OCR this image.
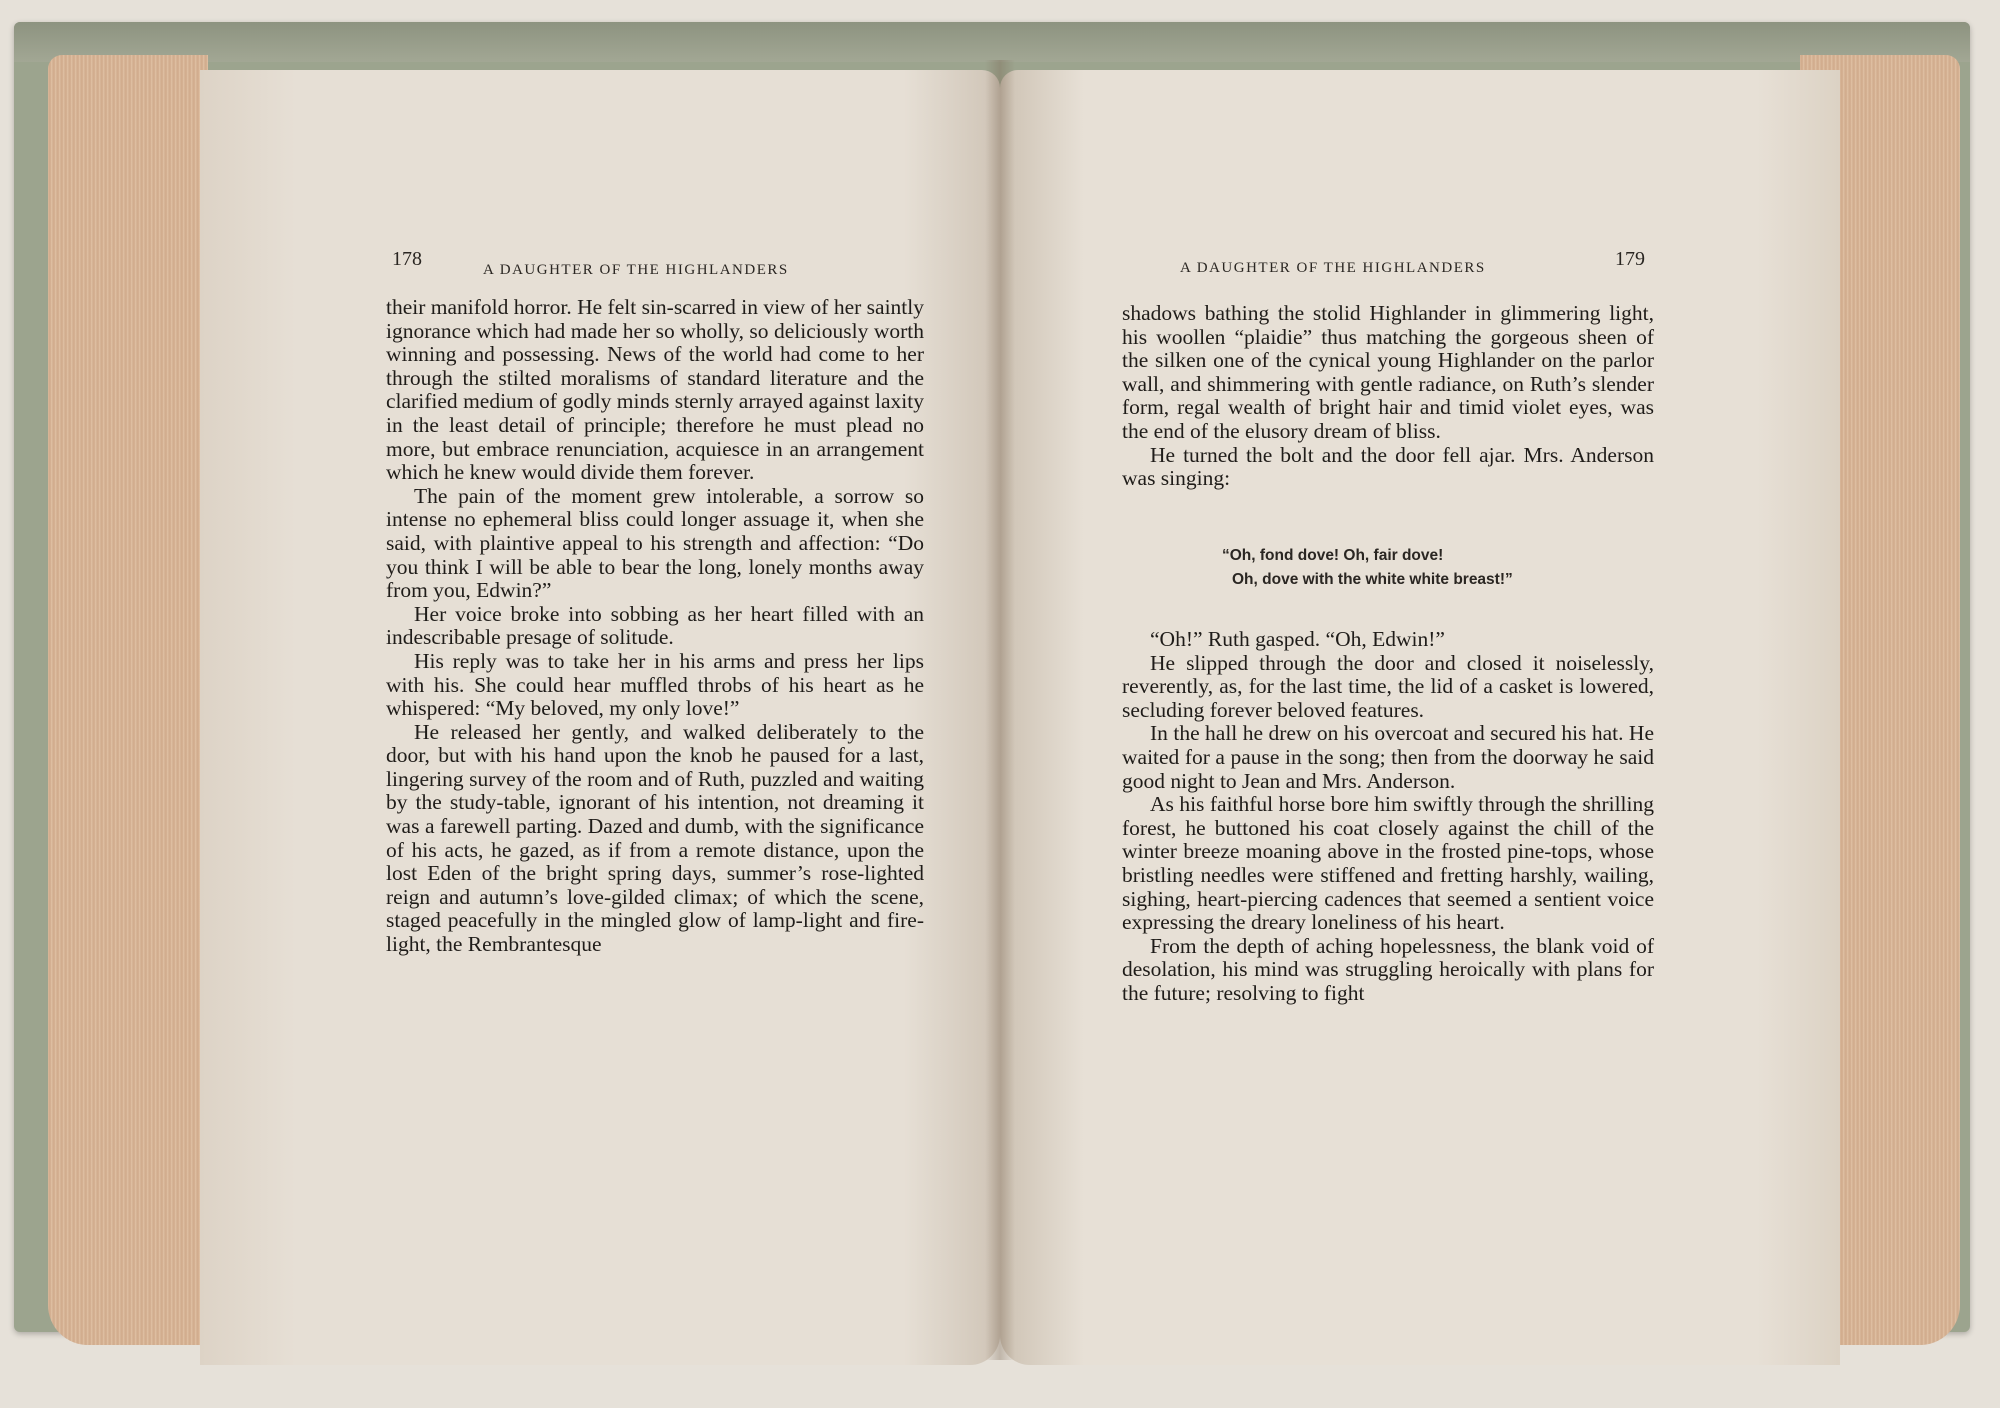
178	A DAUGHTER OF THE HIGHLANDERS

their manifold horror. He felt sin-scarred in view of her saintly ignorance which had made her so wholly, so deliciously worth winning and possessing. News of the world had come to her through the stilted moralisms of standard literature and the clarified medium of godly minds sternly arrayed against laxity in the least detail of principle; therefore he must plead no more, but embrace renunciation, acquiesce in an arrangement which he knew would divide them forever.

The pain of the moment grew intolerable, a sorrow so intense no ephemeral bliss could longer assuage it, when she said, with plaintive appeal to his strength and affection: “Do you think I will be able to bear the long, lonely months away from you, Edwin?”

Her voice broke into sobbing as her heart filled with an indescribable presage of solitude.

His reply was to take her in his arms and press her lips with his. She could hear muffled throbs of his heart as he whispered: “My beloved, my only love!”

He released her gently, and walked deliberately to the door, but with his hand upon the knob he paused for a last, lingering survey of the room and of Ruth, puzzled and waiting by the study-table, ignorant of his intention, not dreaming it was a farewell parting. Dazed and dumb, with the significance of his acts, he gazed, as if from a remote distance, upon the lost Eden of the bright spring days, summer’s rose-lighted reign and autumn’s love-gilded climax; of which the scene, staged peacefully in the mingled glow of lamp-light and fire-light, the Rembrantesque

A DAUGHTER OF THE HIGHLANDERS	179

shadows bathing the stolid Highlander in glimmering light, his woollen “plaidie” thus matching the gorgeous sheen of the silken one of the cynical young Highlander on the parlor wall, and shimmering with gentle radiance, on Ruth’s slender form, regal wealth of bright hair and timid violet eyes, was the end of the elusory dream of bliss.

He turned the bolt and the door fell ajar. Mrs. Anderson was singing:

“Oh, fond dove! Oh, fair dove!
Oh, dove with the white white breast!”

“Oh!” Ruth gasped. “Oh, Edwin!”

He slipped through the door and closed it noiselessly, reverently, as, for the last time, the lid of a casket is lowered, secluding forever beloved features.

In the hall he drew on his overcoat and secured his hat. He waited for a pause in the song; then from the doorway he said good night to Jean and Mrs. Anderson.

As his faithful horse bore him swiftly through the shrilling forest, he buttoned his coat closely against the chill of the winter breeze moaning above in the frosted pine-tops, whose bristling needles were stiffened and fretting harshly, wailing, sighing, heart-piercing cadences that seemed a sentient voice expressing the dreary loneliness of his heart.

From the depth of aching hopelessness, the blank void of desolation, his mind was struggling heroically with plans for the future; resolving to fight
